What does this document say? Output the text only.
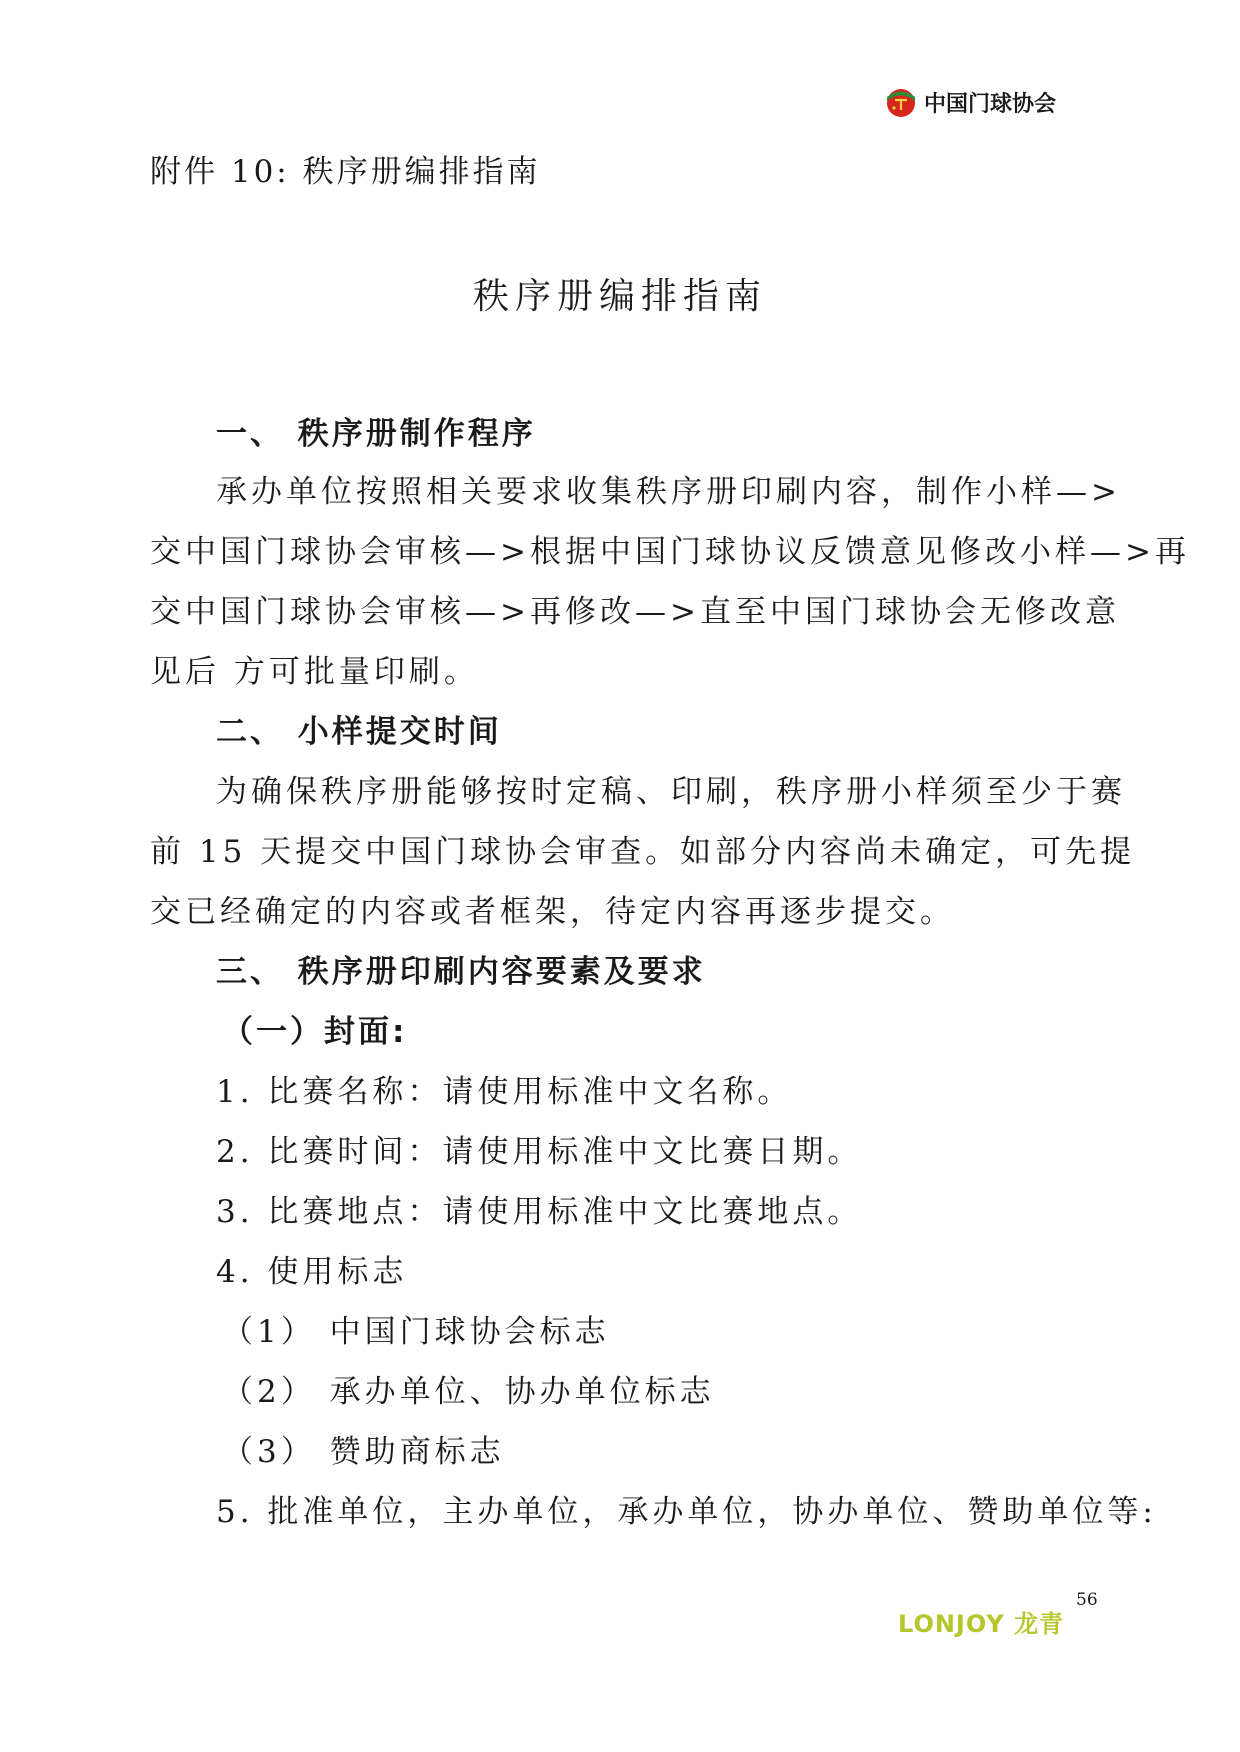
中国门球协会
附件 10: 秩序册编排指南
秩序册编排指南
一、 秩序册制作程序
承办单位按照相关要求收集秩序册印刷内容，制作小样—>
交中国门球协会审核—>根据中国门球协议反馈意见修改小样—>再
交中国门球协会审核—>再修改—>直至中国门球协会无修改意
见后 方可批量印刷。
二、 小样提交时间
为确保秩序册能够按时定稿、印刷，秩序册小样须至少于赛
前 15 天提交中国门球协会审查。如部分内容尚未确定，可先提
交已经确定的内容或者框架，待定内容再逐步提交。
三、 秩序册印刷内容要素及要求
（一）封面:
1. 比赛名称：请使用标准中文名称。
2. 比赛时间：请使用标准中文比赛日期。
3. 比赛地点：请使用标准中文比赛地点。
4. 使用标志
（1） 中国门球协会标志
（2） 承办单位、协办单位标志
（3） 赞助商标志
5. 批准单位，主办单位，承办单位，协办单位、赞助单位等:
LONJOY 龙青
56
